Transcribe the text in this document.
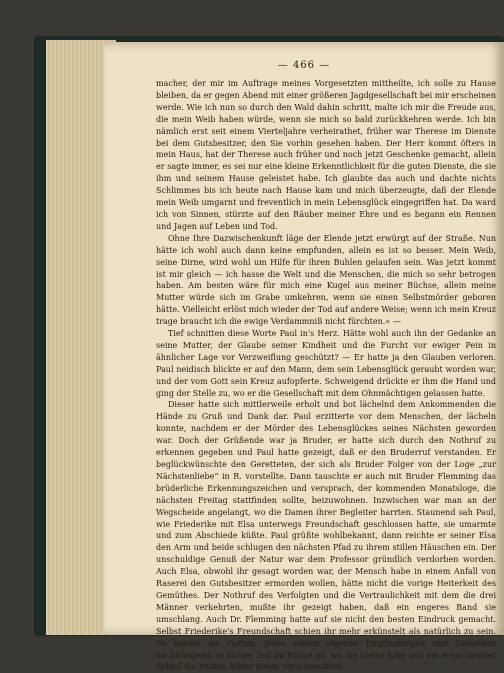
— 466 —

macher, der mir im Auftrage meines Vorgesetzten mittheilte, ich solle zu Hause bleiben, da er gegen Abend mit einer größeren Jagdgesellschaft bei mir erscheinen werde. Wie ich nun so durch den Wald dahin schritt, malte ich mir die Freude aus, die mein Weib haben würde, wenn sie mich so bald zurückkehren werde. Ich bin nämlich erst seit einem Vierteljahre verheirathet, früher war Therese im Dienste bei dem Gutsbesitzer, den Sie vorhin gesehen haben. Der Herr kommt öfters in mein Haus, hat der Therese auch früher und noch jetzt Geschenke gemacht, allein er sagte immer, es sei nur eine kleine Erkenntlichkeit für die guten Dienste, die sie ihm und seinem Hause geleistet habe. Ich glaubte das auch und dachte nichts Schlimmes bis ich heute nach Hause kam und mich überzeugte, daß der Elende mein Weib umgarnt und freventlich in mein Lebensglück eingegriffen hat. Da ward ich von Sinnen, stürzte auf den Räuber meiner Ehre und es begann ein Rennen und Jagen auf Leben und Tod.

Ohne Ihre Dazwischenkunft läge der Elende jetzt erwürgt auf der Straße. Nun hätte ich wohl auch dann keine empfunden, allein es ist so besser. Mein Weib, seine Dirne, wird wohl um Hilfe für ihren Buhlen gelaufen sein. Was jetzt kommt ist mir gleich — ich hasse die Welt und die Menschen, die mich so sehr betrogen haben. Am besten wäre für mich eine Kugel aus meiner Büchse, allein meine Mutter würde sich im Grabe umkehren, wenn sie einen Selbstmörder geboren hätte. Vielleicht erlöst mich wieder der Tod auf andere Weise; wenn ich mein Kreuz trage braucht ich die ewige Verdammniß nicht fürchten.« —

Tief schnitten diese Worte Paul in's Herz. Hätte wohl auch ihn der Gedanke an seine Mutter, der Glaube seiner Kindheit und die Furcht vor ewiger Pein in ähnlicher Lage vor Verzweiflung geschützt? — Er hatte ja den Glauben verloren. Paul neidisch blickte er auf den Mann, dem sein Lebensglück geraubt worden war, und der vom Gott sein Kreuz aufopferte. Schweigend drückte er ihm die Hand und ging der Stelle zu, wo er die Gesellschaft mit dem Ohnmächtigen gelassen hatte.

Dieser hatte sich mittlerweile erholt und bot lächelnd dem Ankommenden die Hände zu Gruß und Dank dar. Paul erzitterte vor dem Menschen, der lächeln konnte, nachdem er der Mörder des Lebensglückes seines Nächsten geworden war. Doch der Grüßende war ja Bruder, er hatte sich durch den Nothruf zu erkennen gegeben und Paul hatte gezeigt, daß er den Bruderruf verstanden. Er beglückwünschte den Geretteten, der sich als Bruder Folger von der Loge „zur Nächstenliebe“ in R. vorstellte. Dann tauschte er auch mit Bruder Flemming das brüderliche Erkennungszeichen und versprach, der kommenden Monatsloge, die nächsten Freitag stattfinden sollte, beizuwohnen. Inzwischen war man an der Wegscheide angelangt, wo die Damen ihrer Begleiter harrten. Staunend sah Paul, wie Friederike mit Elsa unterwegs Freundschaft geschlossen hatte, sie umarmte und zum Abschiede küßte. Paul grüßte wohlbekannt, dann reichte er seiner Elsa den Arm und beide schlugen den nächsten Pfad zu ihrem stillen Häuschen ein. Der unschuldige Genuß der Natur war dem Professor gründlich verdorben worden. Auch Elsa, obwohl ihr gesagt worden war, der Mensch habe in einem Anfall von Raserei den Gutsbesitzer ermorden wollen, hätte nicht die vorige Heiterkeit des Gemüthes. Der Nothruf des Verfolgten und die Vertraulichkeit mit dem die drei Männer verkehrten, mußte ihr gezeigt haben, daß ein engeres Band sie umschlang. Auch Dr. Flemming hatte auf sie nicht den besten Eindruck gemacht. Selbst Friederike's Freundschaft schien ihr mehr erkünstelt als natürlich zu sein. So kamen die Gatten, jedes seinen eigenen Empfindungen und Gedanken nachhängend, in kurzer Zeit zu Hause an, wo die kleine Lina und ein erquickender Schlaf die trüben Bilder etwas verscheuchten.
